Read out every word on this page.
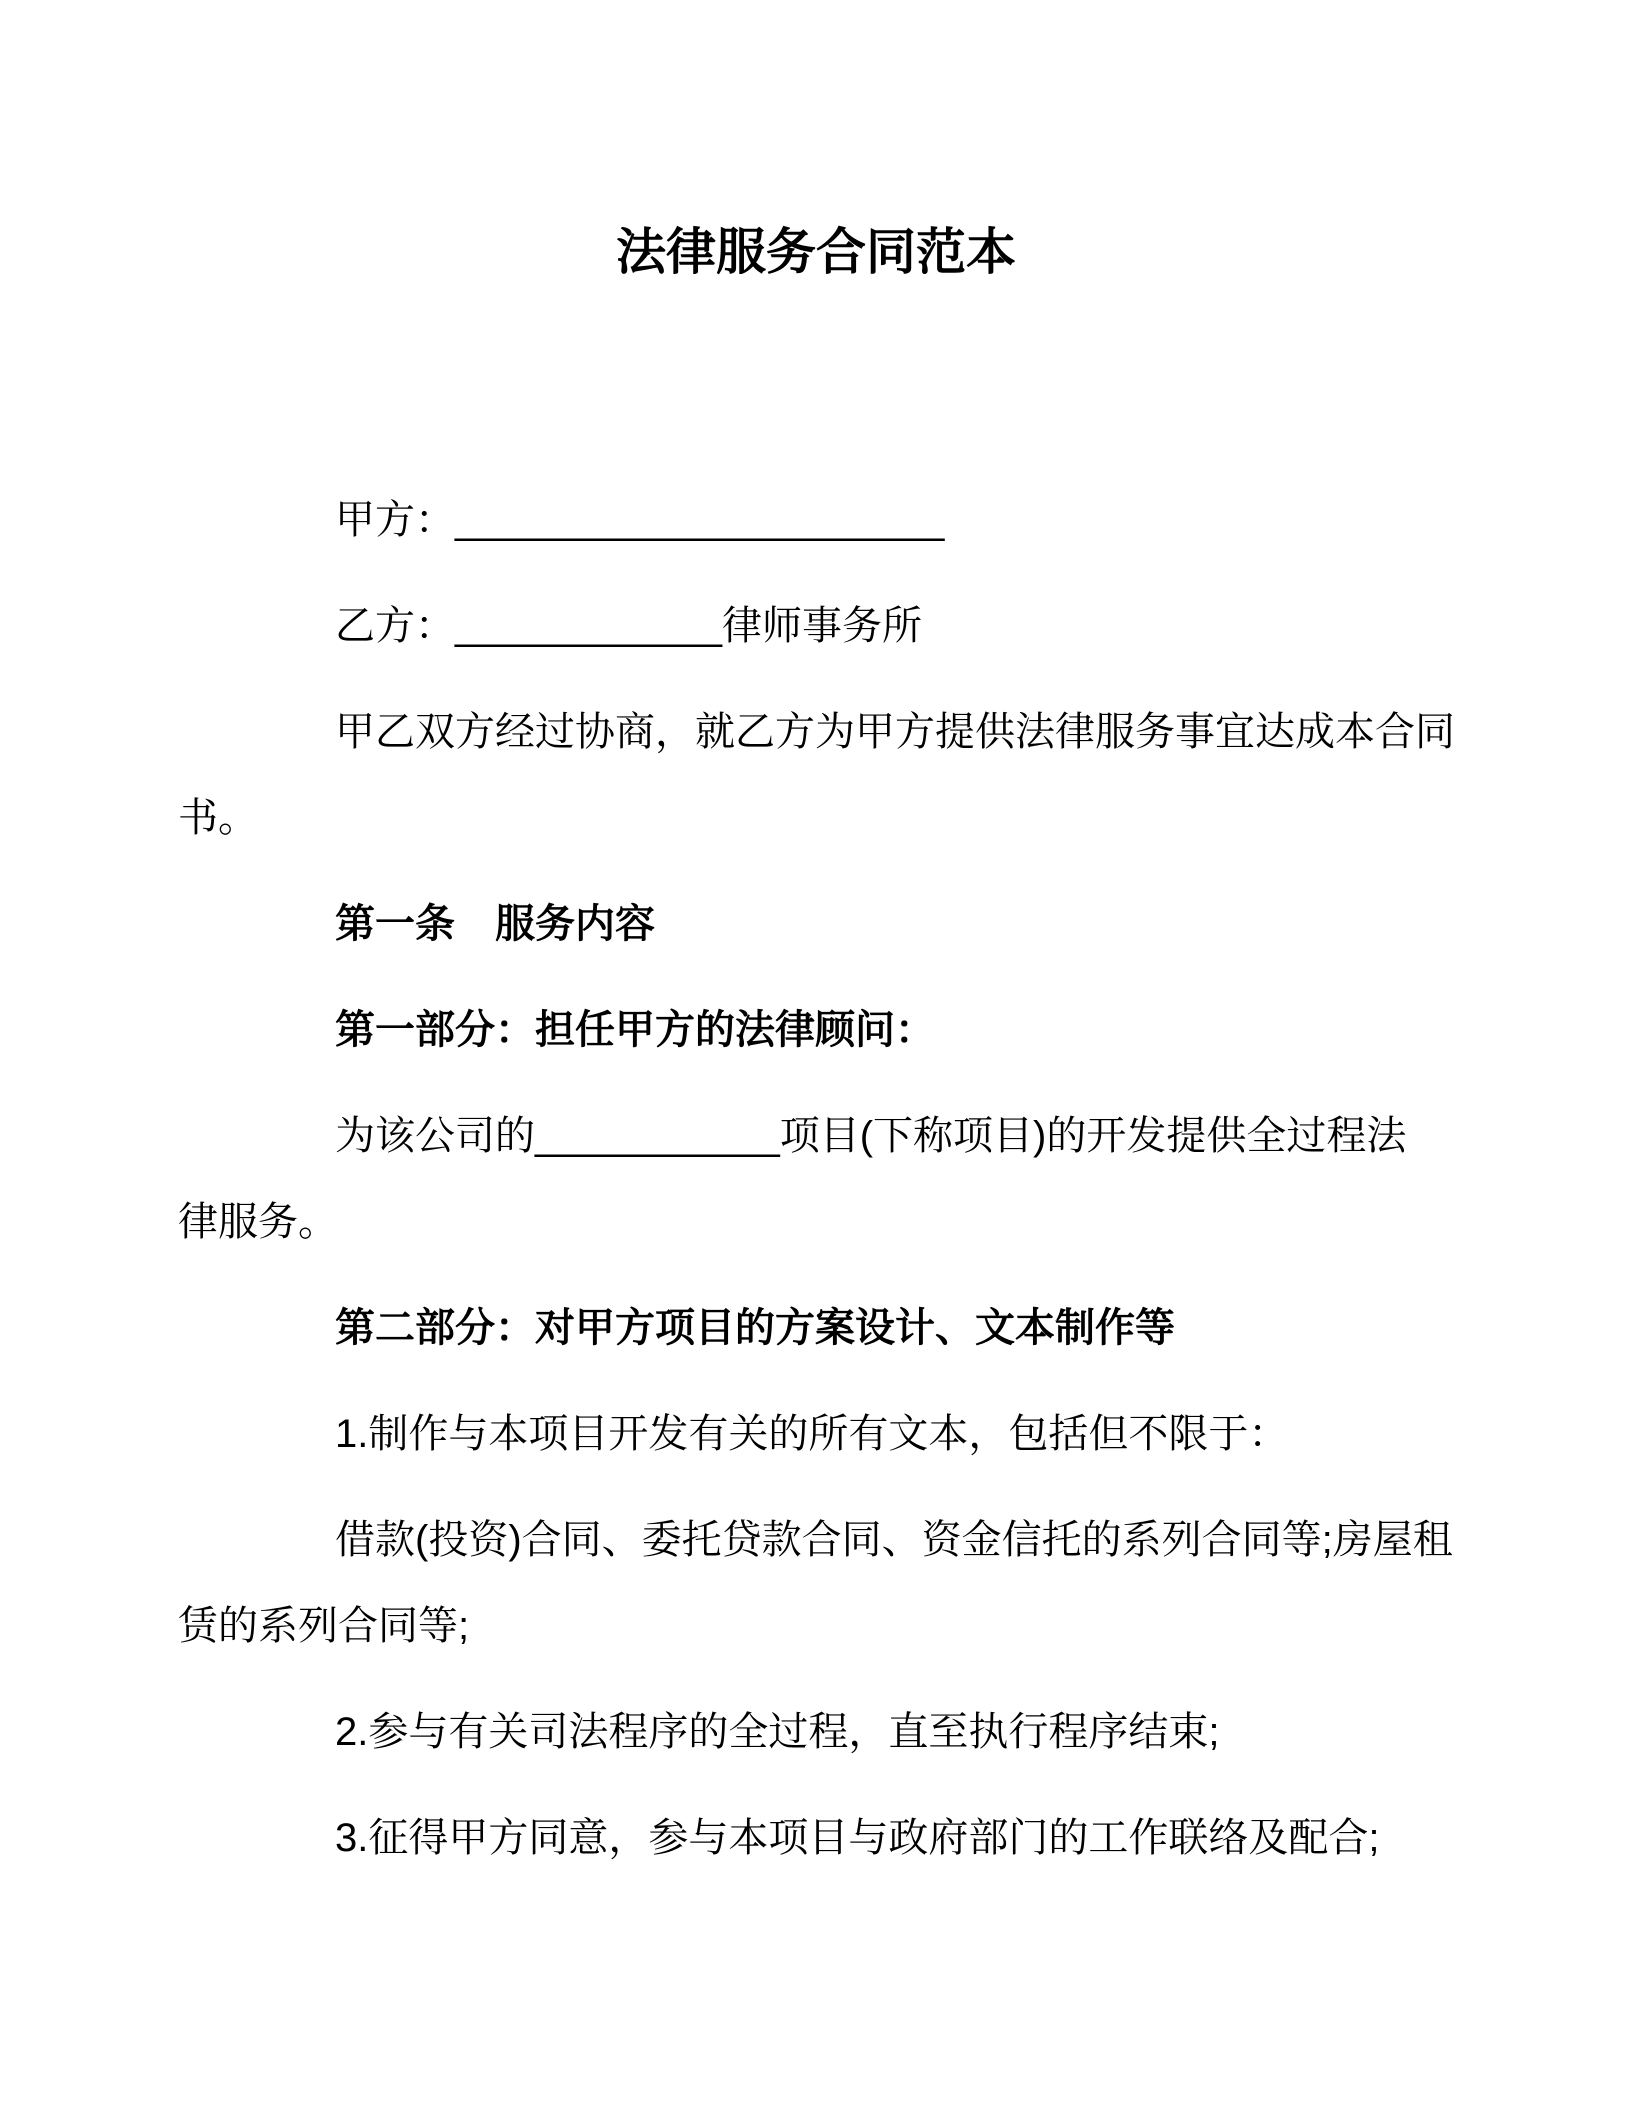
法律服务合同范本

甲方：______________________

乙方：____________律师事务所

甲乙双方经过协商，就乙方为甲方提供法律服务事宜达成本合同
书。

第一条　服务内容

第一部分：担任甲方的法律顾问：

为该公司的___________项目(下称项目)的开发提供全过程法
律服务。

第二部分：对甲方项目的方案设计、文本制作等

1.制作与本项目开发有关的所有文本，包括但不限于：

借款(投资)合同、委托贷款合同、资金信托的系列合同等;房屋租
赁的系列合同等;

2.参与有关司法程序的全过程，直至执行程序结束;

3.征得甲方同意，参与本项目与政府部门的工作联络及配合;
